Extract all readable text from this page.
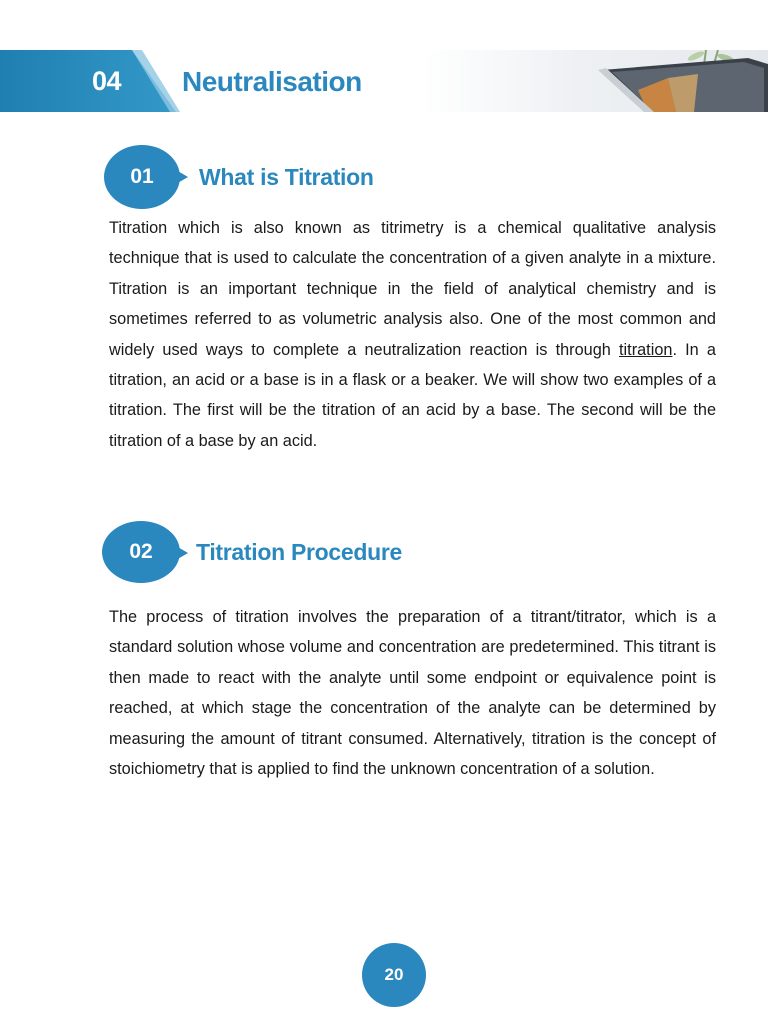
04 Neutralisation
01	What is Titration

Titration which is also known as titrimetry is a chemical qualitative analysis technique that is used to calculate the concentration of a given analyte in a mixture. Titration is an important technique in the field of analytical chemistry and is sometimes referred to as volumetric analysis also. One of the most common and widely used ways to complete a neutralization reaction is through titration. In a titration, an acid or a base is in a flask or a beaker. We will show two examples of a titration. The first will be the titration of an acid by a base. The second will be the titration of a base by an acid.

02	Titration Procedure

The process of titration involves the preparation of a titrant/titrator, which is a standard solution whose volume and concentration are predetermined. This titrant is then made to react with the analyte until some endpoint or equivalence point is reached, at which stage the concentration of the analyte can be determined by measuring the amount of titrant consumed. Alternatively, titration is the concept of stoichiometry that is applied to find the unknown concentration of a solution.

20
